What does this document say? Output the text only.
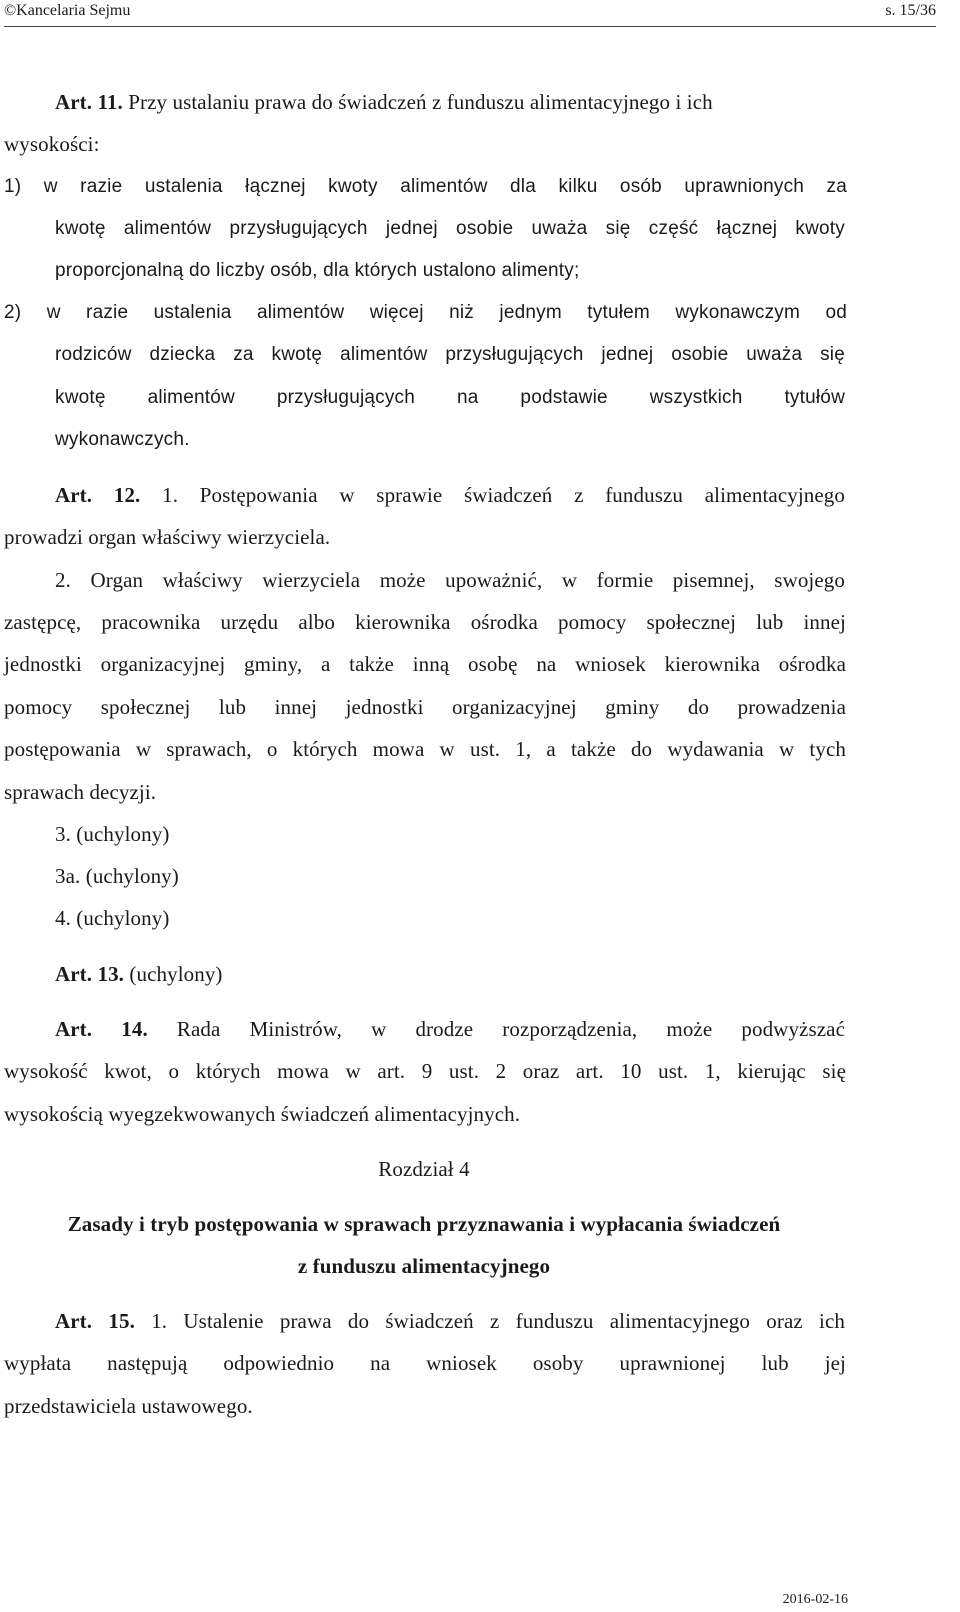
©Kancelaria Sejmu	s. 15/36
Art. 11. Przy ustalaniu prawa do świadczeń z funduszu alimentacyjnego i ich
wysokości:
1) w razie ustalenia łącznej kwoty alimentów dla kilku osób uprawnionych za
kwotę alimentów przysługujących jednej osobie uważa się część łącznej kwoty
proporcjonalną do liczby osób, dla których ustalono alimenty;
2) w razie ustalenia alimentów więcej niż jednym tytułem wykonawczym od
rodziców dziecka za kwotę alimentów przysługujących jednej osobie uważa się
kwotę alimentów przysługujących na podstawie wszystkich tytułów
wykonawczych.
Art. 12. 1. Postępowania w sprawie świadczeń z funduszu alimentacyjnego
prowadzi organ właściwy wierzyciela.
2. Organ właściwy wierzyciela może upoważnić, w formie pisemnej, swojego
zastępcę, pracownika urzędu albo kierownika ośrodka pomocy społecznej lub innej
jednostki organizacyjnej gminy, a także inną osobę na wniosek kierownika ośrodka
pomocy społecznej lub innej jednostki organizacyjnej gminy do prowadzenia
postępowania w sprawach, o których mowa w ust. 1, a także do wydawania w tych
sprawach decyzji.
3. (uchylony)
3a. (uchylony)
4. (uchylony)
Art. 13. (uchylony)
Art. 14. Rada Ministrów, w drodze rozporządzenia, może podwyższać
wysokość kwot, o których mowa w art. 9 ust. 2 oraz art. 10 ust. 1, kierując się
wysokością wyegzekwowanych świadczeń alimentacyjnych.
Rozdział 4
Zasady i tryb postępowania w sprawach przyznawania i wypłacania świadczeń
z funduszu alimentacyjnego
Art. 15. 1. Ustalenie prawa do świadczeń z funduszu alimentacyjnego oraz ich
wypłata następują odpowiednio na wniosek osoby uprawnionej lub jej
przedstawiciela ustawowego.
2016-02-16
